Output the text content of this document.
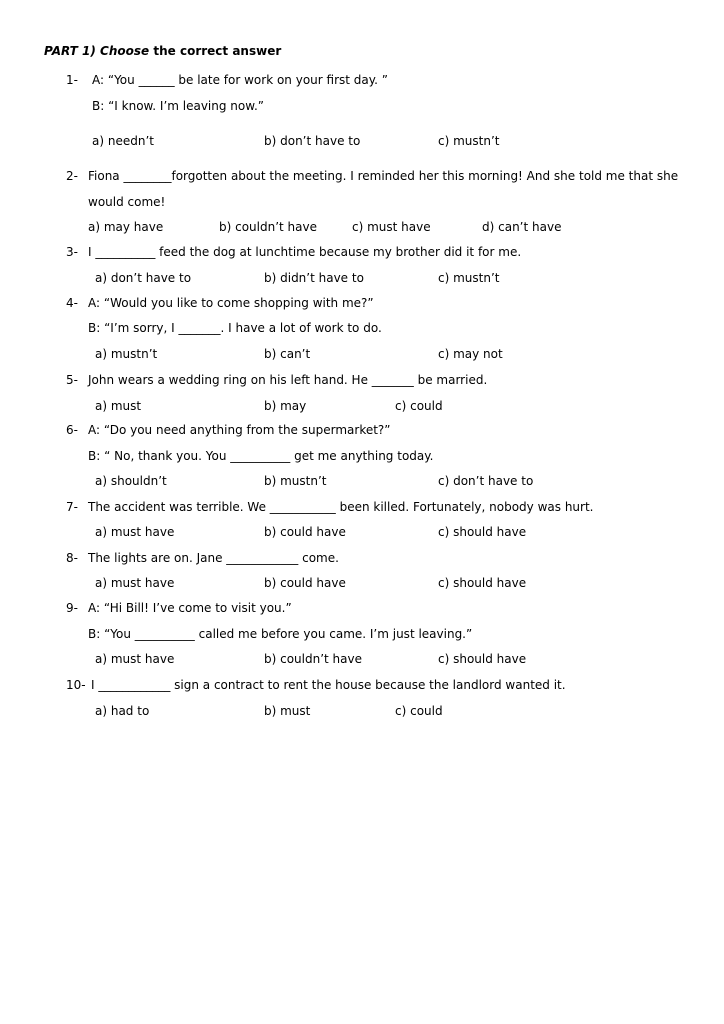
PART 1) Choose the correct answer
1- A: “You ______ be late for work on your first day. ”
B: “I know. I’m leaving now.”
a) needn’t	b) don’t have to	c) mustn’t
2- Fiona ________forgotten about the meeting. I reminded her this morning! And she told me that she
would come!
a) may have	b) couldn’t have	c) must have	d) can’t have
3- I __________ feed the dog at lunchtime because my brother did it for me.
a) don’t have to	b) didn’t have to	c) mustn’t
4- A: “Would you like to come shopping with me?”
B: “I’m sorry, I _______. I have a lot of work to do.
a) mustn’t	b) can’t	c) may not
5- John wears a wedding ring on his left hand. He _______ be married.
a) must	b) may	c) could
6- A: “Do you need anything from the supermarket?”
B: “ No, thank you. You __________ get me anything today.
a) shouldn’t	b) mustn’t	c) don’t have to
7- The accident was terrible. We ___________ been killed. Fortunately, nobody was hurt.
a) must have	b) could have	c) should have
8- The lights are on. Jane ____________ come.
a) must have	b) could have	c) should have
9- A: “Hi Bill! I’ve come to visit you.”
B: “You __________ called me before you came. I’m just leaving.”
a) must have	b) couldn’t have	c) should have
10- I ____________ sign a contract to rent the house because the landlord wanted it.
a) had to	b) must	c) could
